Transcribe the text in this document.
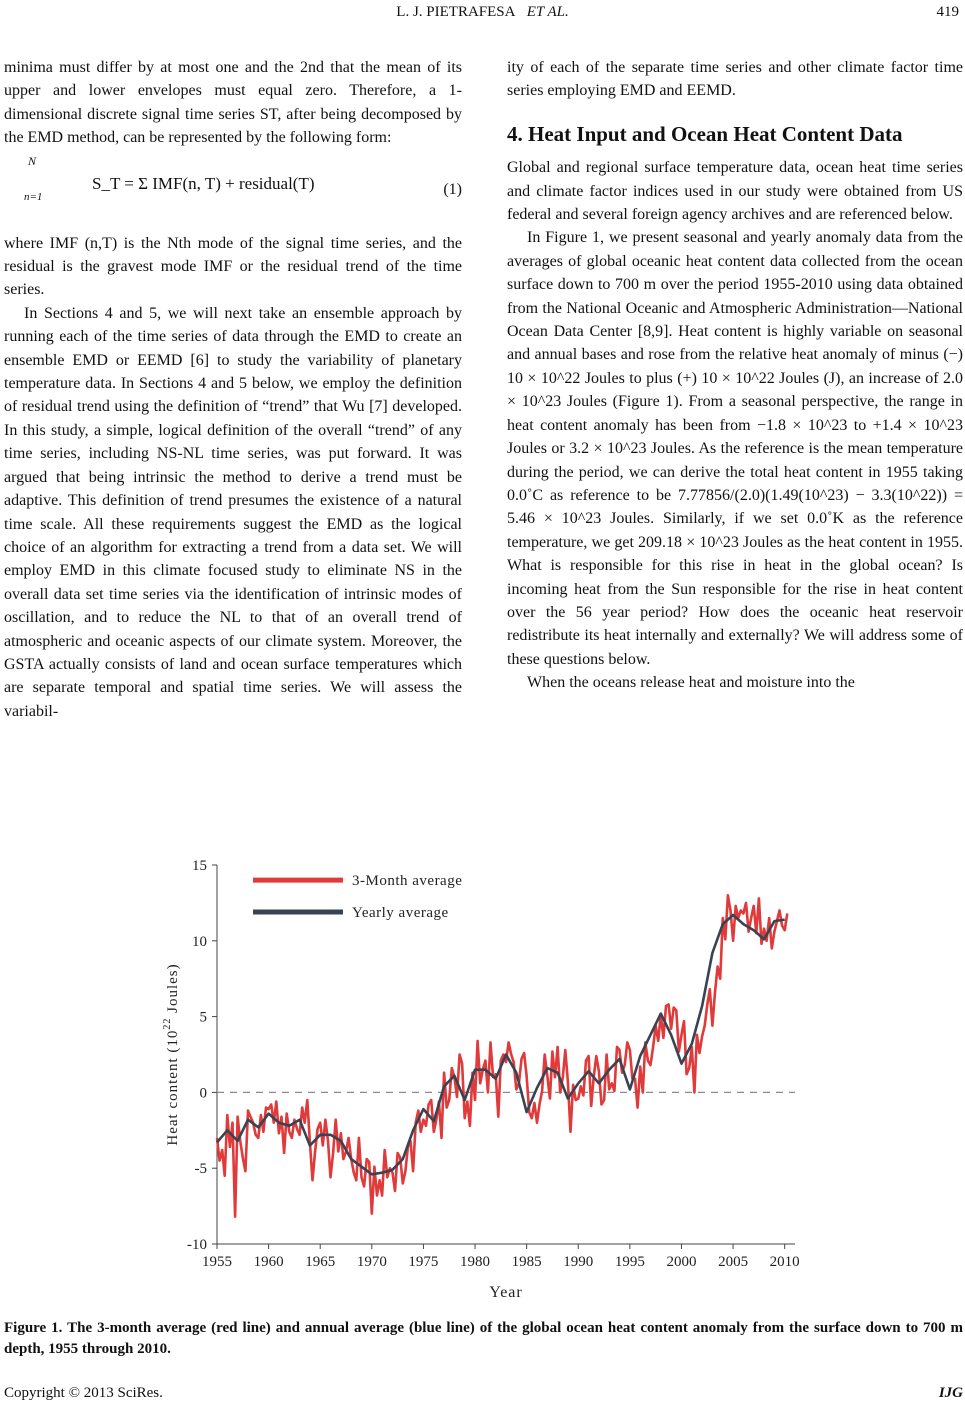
L. J. PIETRAFESA ET AL.	419

minima must differ by at most one and the 2nd that the mean of its upper and lower envelopes must equal zero. Therefore, a 1-dimensional discrete signal time series ST, after being decomposed by the EMD method, can be represented by the following form:

N
n=1
S_T = Σ IMF(n, T) + residual(T)	(1)

where IMF (n,T) is the Nth mode of the signal time series, and the residual is the gravest mode IMF or the residual trend of the time series.

In Sections 4 and 5, we will next take an ensemble approach by running each of the time series of data through the EMD to create an ensemble EMD or EEMD [6] to study the variability of planetary temperature data. In Sections 4 and 5 below, we employ the definition of residual trend using the definition of “trend” that Wu [7] developed. In this study, a simple, logical definition of the overall “trend” of any time series, including NS-NL time series, was put forward. It was argued that being intrinsic the method to derive a trend must be adaptive. This definition of trend presumes the existence of a natural time scale. All these requirements suggest the EMD as the logical choice of an algorithm for extracting a trend from a data set. We will employ EMD in this climate focused study to eliminate NS in the overall data set time series via the identification of intrinsic modes of oscillation, and to reduce the NL to that of an overall trend of atmospheric and oceanic aspects of our climate system. Moreover, the GSTA actually consists of land and ocean surface temperatures which are separate temporal and spatial time series. We will assess the variabil-

ity of each of the separate time series and other climate factor time series employing EMD and EEMD.

4. Heat Input and Ocean Heat Content Data

Global and regional surface temperature data, ocean heat time series and climate factor indices used in our study were obtained from US federal and several foreign agency archives and are referenced below.

In Figure 1, we present seasonal and yearly anomaly data from the averages of global oceanic heat content data collected from the ocean surface down to 700 m over the period 1955-2010 using data obtained from the National Oceanic and Atmospheric Administration—National Ocean Data Center [8,9]. Heat content is highly variable on seasonal and annual bases and rose from the relative heat anomaly of minus (−) 10 × 10^22 Joules to plus (+) 10 × 10^22 Joules (J), an increase of 2.0 × 10^23 Joules (Figure 1). From a seasonal perspective, the range in heat content anomaly has been from −1.8 × 10^23 to +1.4 × 10^23 Joules or 3.2 × 10^23 Joules. As the reference is the mean temperature during the period, we can derive the total heat content in 1955 taking 0.0˚C as reference to be 7.77856/(2.0)(1.49(10^23) − 3.3(10^22)) = 5.46 × 10^23 Joules. Similarly, if we set 0.0˚K as the reference temperature, we get 209.18 × 10^23 Joules as the heat content in 1955. What is responsible for this rise in heat in the global ocean? Is incoming heat from the Sun responsible for the rise in heat content over the 56 year period? How does the oceanic heat reservoir redistribute its heat internally and externally? We will address some of these questions below.

When the oceans release heat and moisture into the

-10
-5
0
5
10
15
1955 1960 1965 1970 1975 1980 1985 1990 1995 2000 2005 2010
3-Month average
Yearly average
Year
Heat content ($10^{22}$ Joules)
Figure 1. The 3-month average (red line) and annual average (blue line) of the global ocean heat content anomaly from the surface down to 700 m depth, 1955 through 2010.
Copyright © 2013 SciRes.	IJG
